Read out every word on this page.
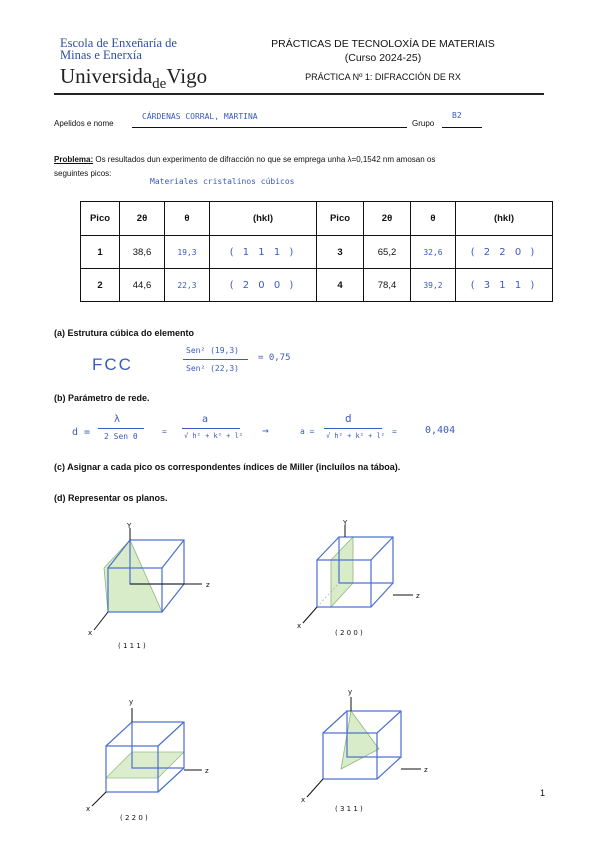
Escola de Enxeñaría de
Minas e Enerxía
Universida$_{de}$Vigo
PRÁCTICAS DE TECNOLOXÍA DE MATERIAIS
(Curso 2024-25)
PRÁCTICA Nº 1: DIFRACCIÓN DE RX
Apelidos e nome
CÁRDENAS CORRAL, MARTINA
Grupo
B2
Problema: Os resultados dun experimento de difracción no que se emprega unha λ=0,1542 nm amosan os
seguintes picos:
Materiales cristalinos cúbicos
Pico	2θ	θ	(hkl)	Pico	2θ	θ	(hkl)
1	38,6	19,3	( 1 1 1 )	3	65,2	32,6	( 2 2 0 )
2	44,6	22,3	( 2 0 0 )	4	78,4	39,2	( 3 1 1 )
(a) Estrutura cúbica do elemento
FCC
Sen² (19,3)
Sen² (22,3)
= 0,75
(b) Parámetro de rede.
d =
λ
2 Sen θ
=
a
√ h² + k² + l² →	a =
d
√ h² + k² + l² =	0,404
(c) Asignar a cada pico os correspondentes índices de Miller (incluílos na táboa).
(d) Representar os planos.
Y
z
x
( 1 1 1 )
Y
z
x
( 2 0 0 )
y
z
x
( 2 2 0 )
y
z
x
( 3 1 1 )
1
